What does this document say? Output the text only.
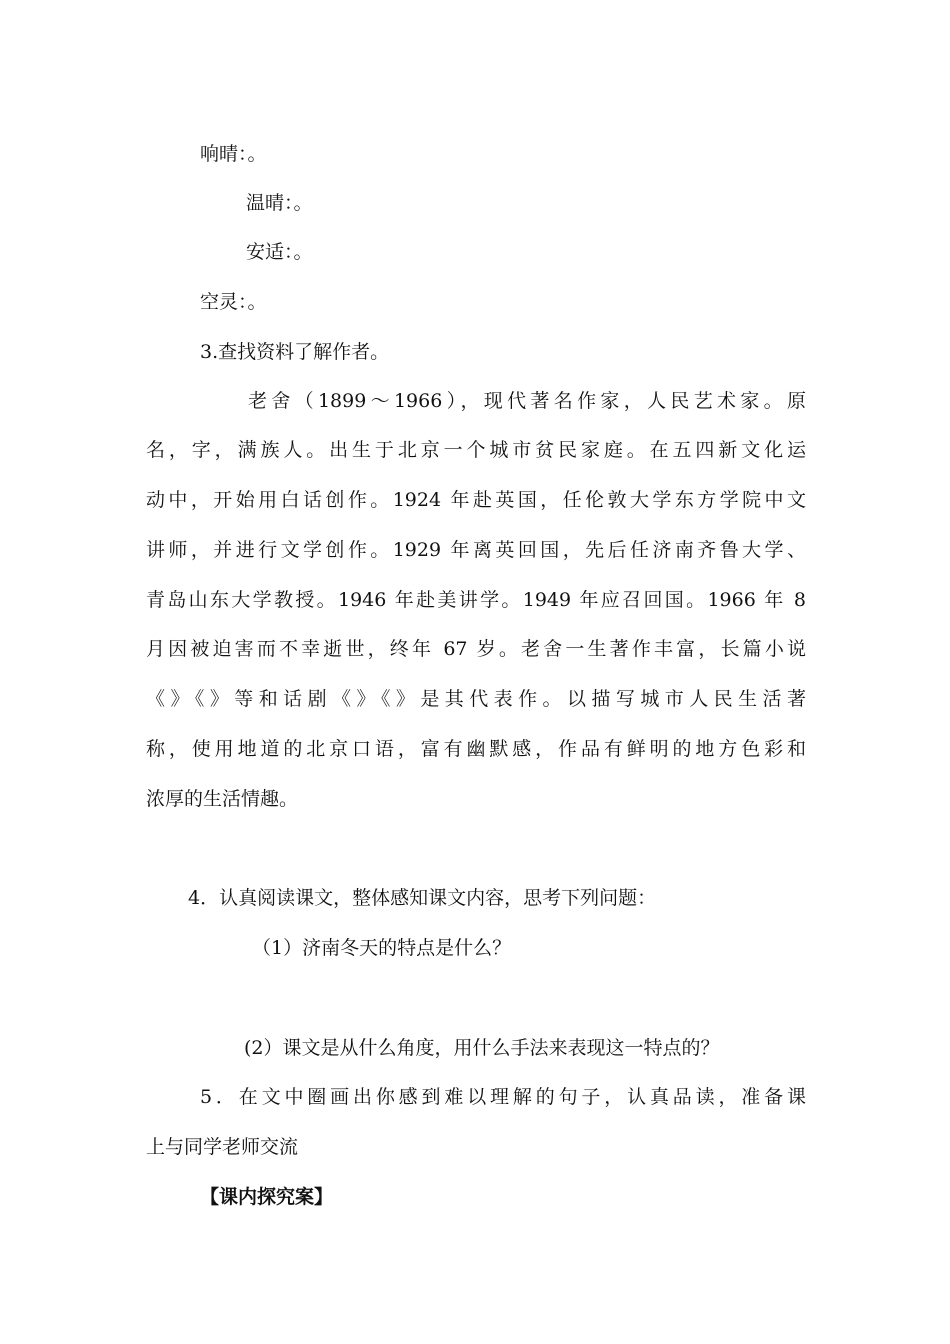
响晴：。
温晴：。
安适：。
空灵：。
3.查找资料了解作者。
老舍（1899～1966），现代著名作家，人民艺术家。原
名，字，满族人。出生于北京一个城市贫民家庭。在五四新文化运
动中，开始用白话创作。1924 年赴英国，任伦敦大学东方学院中文
讲师，并进行文学创作。1929 年离英回国，先后任济南齐鲁大学、
青岛山东大学教授。1946 年赴美讲学。1949 年应召回国。1966 年 8
月因被迫害而不幸逝世，终年 67 岁。老舍一生著作丰富，长篇小说
《》《》等和话剧《》《》是其代表作。以描写城市人民生活著
称，使用地道的北京口语，富有幽默感，作品有鲜明的地方色彩和
浓厚的生活情趣。
4．认真阅读课文，整体感知课文内容，思考下列问题：
（1）济南冬天的特点是什么？
(2）课文是从什么角度，用什么手法来表现这一特点的？
5．在文中圈画出你感到难以理解的句子，认真品读，准备课
上与同学老师交流
【课内探究案】
